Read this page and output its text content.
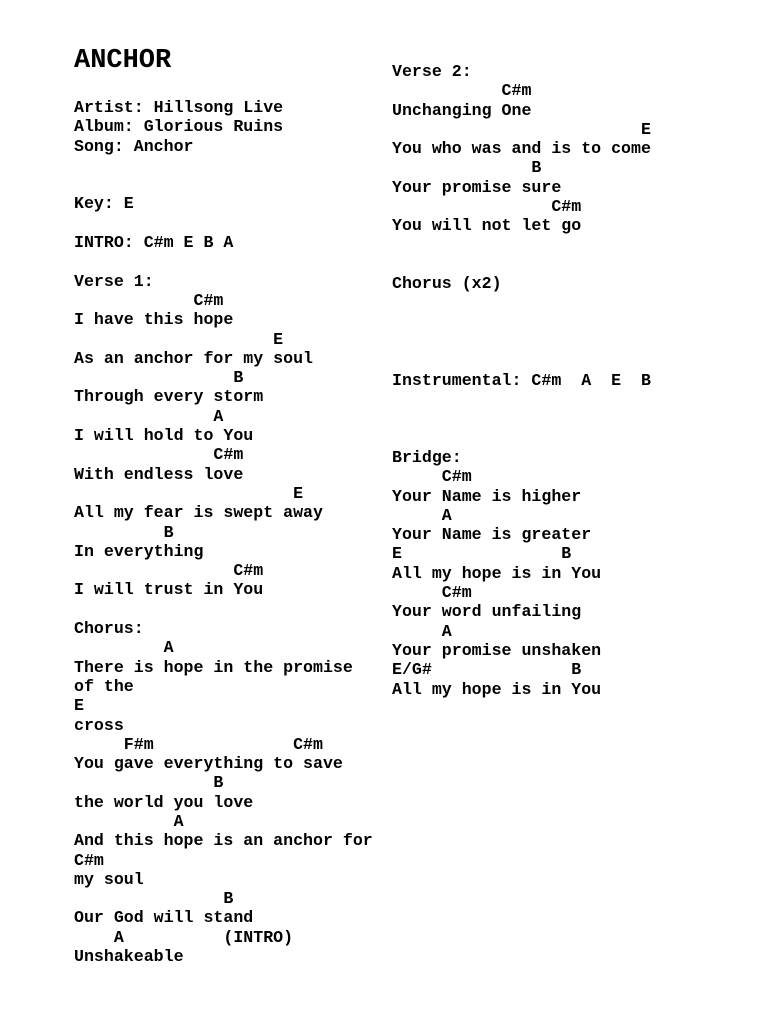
ANCHOR
Artist: Hillsong Live
Album: Glorious Ruins
Song: Anchor
Key: E
INTRO: C#m E B A
Verse 1:
C#m
I have this hope
E
As an anchor for my soul
B
Through every storm
A
I will hold to You
C#m
With endless love
E
All my fear is swept away
B
In everything
C#m
I will trust in You
Chorus:
A
There is hope in the promise
of the
E
cross
F#m              C#m
You gave everything to save
B
the world you love
A
And this hope is an anchor for
C#m
my soul
B
Our God will stand
A          (INTRO)
Unshakeable
Verse 2:
C#m
Unchanging One
E
You who was and is to come
B
Your promise sure
C#m
You will not let go
Chorus (x2)
Instrumental: C#m  A  E  B
Bridge:
C#m
Your Name is higher
A
Your Name is greater
E                B
All my hope is in You
C#m
Your word unfailing
A
Your promise unshaken
E/G#              B
All my hope is in You
